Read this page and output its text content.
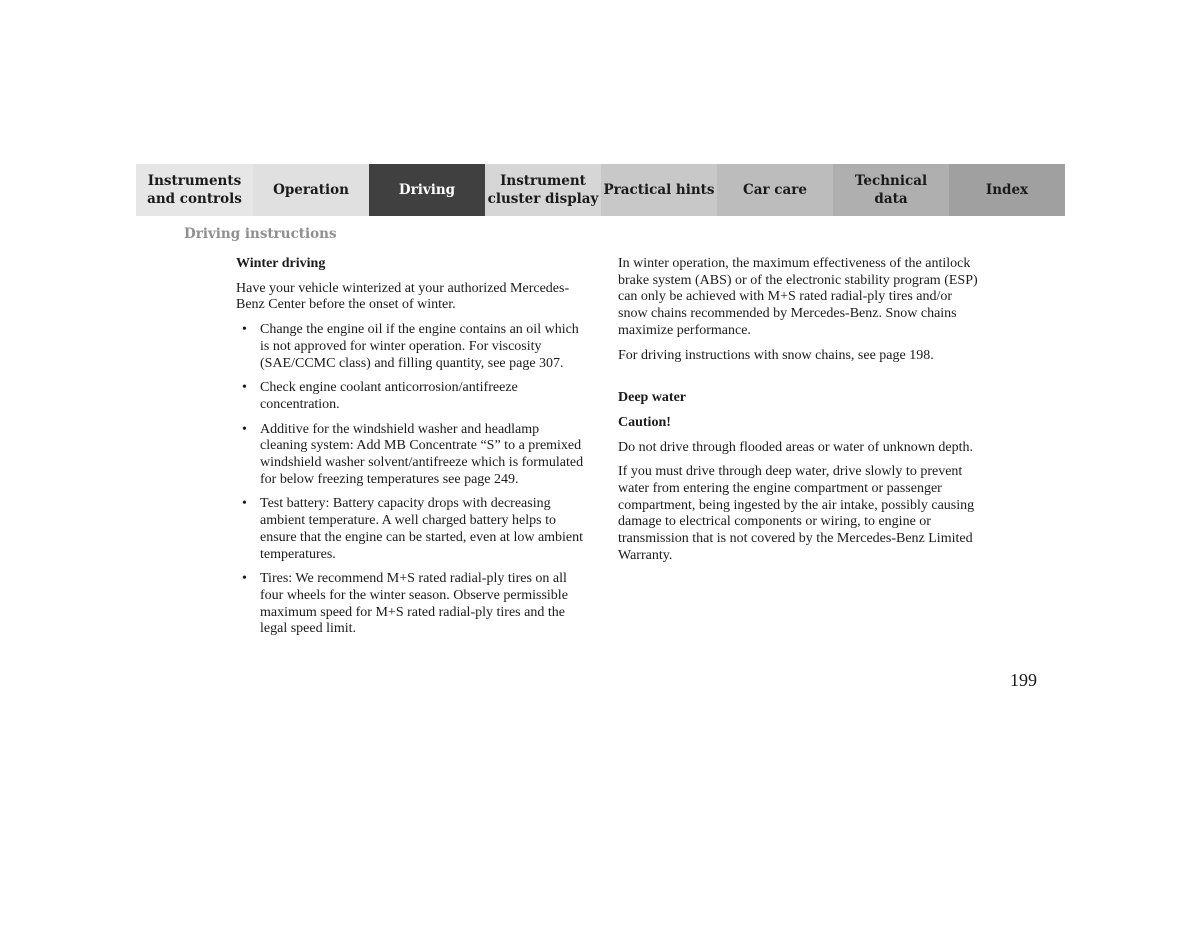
Instruments
and controls
Operation	Driving
Instrument
cluster display
Practical hints Car care
Technical
data
Index
Driving instructions
Winter driving

Have your vehicle winterized at your authorized Mercedes-Benz Center before the onset of winter.

• Change the engine oil if the engine contains an oil which is not approved for winter operation. For viscosity (SAE/CCMC class) and filling quantity, see page 307.
• Check engine coolant anticorrosion/antifreeze concentration.
• Additive for the windshield washer and headlamp cleaning system: Add MB Concentrate “S” to a premixed windshield washer solvent/antifreeze which is formulated for below freezing temperatures see page 249.
• Test battery: Battery capacity drops with decreasing ambient temperature. A well charged battery helps to ensure that the engine can be started, even at low ambient temperatures.
• Tires: We recommend M+S rated radial-ply tires on all four wheels for the winter season. Observe permissible maximum speed for M+S rated radial-ply tires and the legal speed limit.

In winter operation, the maximum effectiveness of the antilock brake system (ABS) or of the electronic stability program (ESP) can only be achieved with M+S rated radial-ply tires and/or snow chains recommended by Mercedes-Benz. Snow chains maximize performance.

For driving instructions with snow chains, see page 198.

Deep water
Caution!

Do not drive through flooded areas or water of unknown depth.

If you must drive through deep water, drive slowly to prevent water from entering the engine compartment or passenger compartment, being ingested by the air intake, possibly causing damage to electrical components or wiring, to engine or transmission that is not covered by the Mercedes-Benz Limited Warranty.

199
